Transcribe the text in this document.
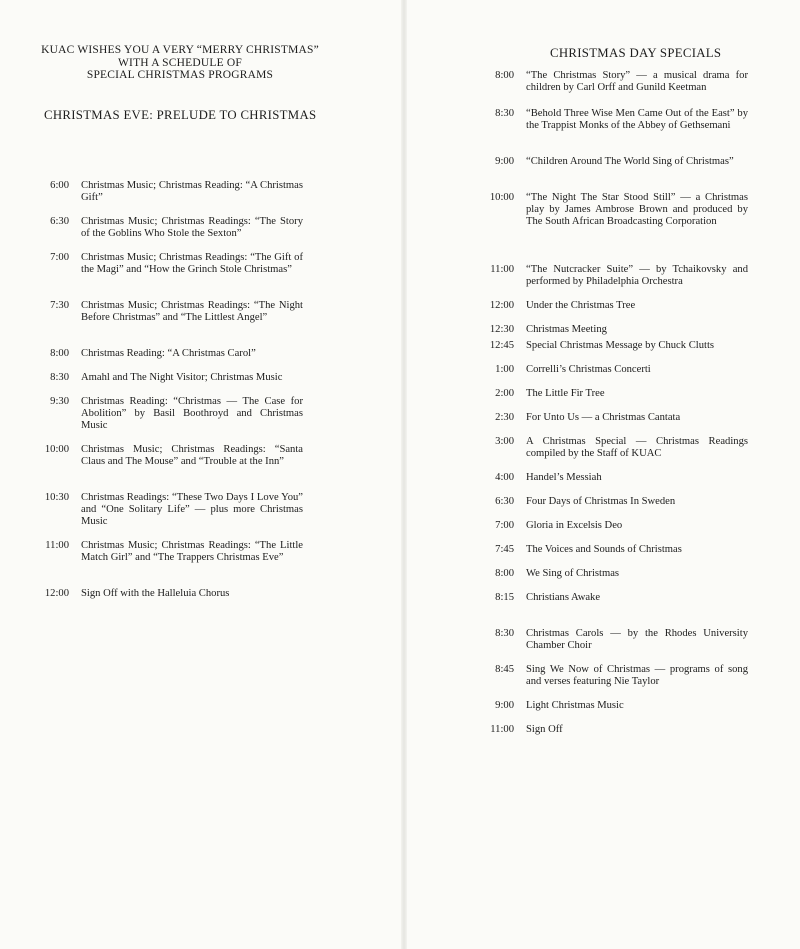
KUAC WISHES YOU A VERY “MERRY CHRISTMAS”
WITH A SCHEDULE OF
SPECIAL CHRISTMAS PROGRAMS
CHRISTMAS EVE: PRELUDE TO CHRISTMAS
6:00 Christmas Music; Christmas Reading: “A Christmas Gift”
6:30 Christmas Music; Christmas Readings: “The Story of the Goblins Who Stole the Sexton”
7:00 Christmas Music; Christmas Readings: “The Gift of the Magi” and “How the Grinch Stole Christmas”
7:30 Christmas Music; Christmas Readings: “The Night Before Christmas” and “The Littlest Angel”
8:00 Christmas Reading: “A Christmas Carol”
8:30 Amahl and The Night Visitor; Christmas Music
9:30 Christmas Reading: “Christmas — The Case for Abolition” by Basil Boothroyd and Christmas Music
10:00 Christmas Music; Christmas Readings: “Santa Claus and The Mouse” and “Trouble at the Inn”
10:30 Christmas Readings: “These Two Days I Love You” and “One Solitary Life” — plus more Christmas Music
11:00 Christmas Music; Christmas Readings: “The Little Match Girl” and “The Trappers Christmas Eve”
12:00 Sign Off with the Halleluia Chorus
CHRISTMAS DAY SPECIALS
8:00 “The Christmas Story” — a musical drama for children by Carl Orff and Gunild Keetman
8:30 “Behold Three Wise Men Came Out of the East” by the Trappist Monks of the Abbey of Gethsemani
9:00 “Children Around The World Sing of Christmas”
10:00 “The Night The Star Stood Still” — a Christmas play by James Ambrose Brown and produced by The South African Broadcasting Corporation
11:00 “The Nutcracker Suite” — by Tchaikovsky and performed by Philadelphia Orchestra
12:00 Under the Christmas Tree
12:30 Christmas Meeting
12:45 Special Christmas Message by Chuck Clutts
1:00 Correlli’s Christmas Concerti
2:00 The Little Fir Tree
2:30 For Unto Us — a Christmas Cantata
3:00 A Christmas Special — Christmas Readings compiled by the Staff of KUAC
4:00 Handel’s Messiah
6:30 Four Days of Christmas In Sweden
7:00 Gloria in Excelsis Deo
7:45 The Voices and Sounds of Christmas
8:00 We Sing of Christmas
8:15 Christians Awake
8:30 Christmas Carols — by the Rhodes University Chamber Choir
8:45 Sing We Now of Christmas — programs of song and verses featuring Nie Taylor
9:00 Light Christmas Music
11:00 Sign Off
